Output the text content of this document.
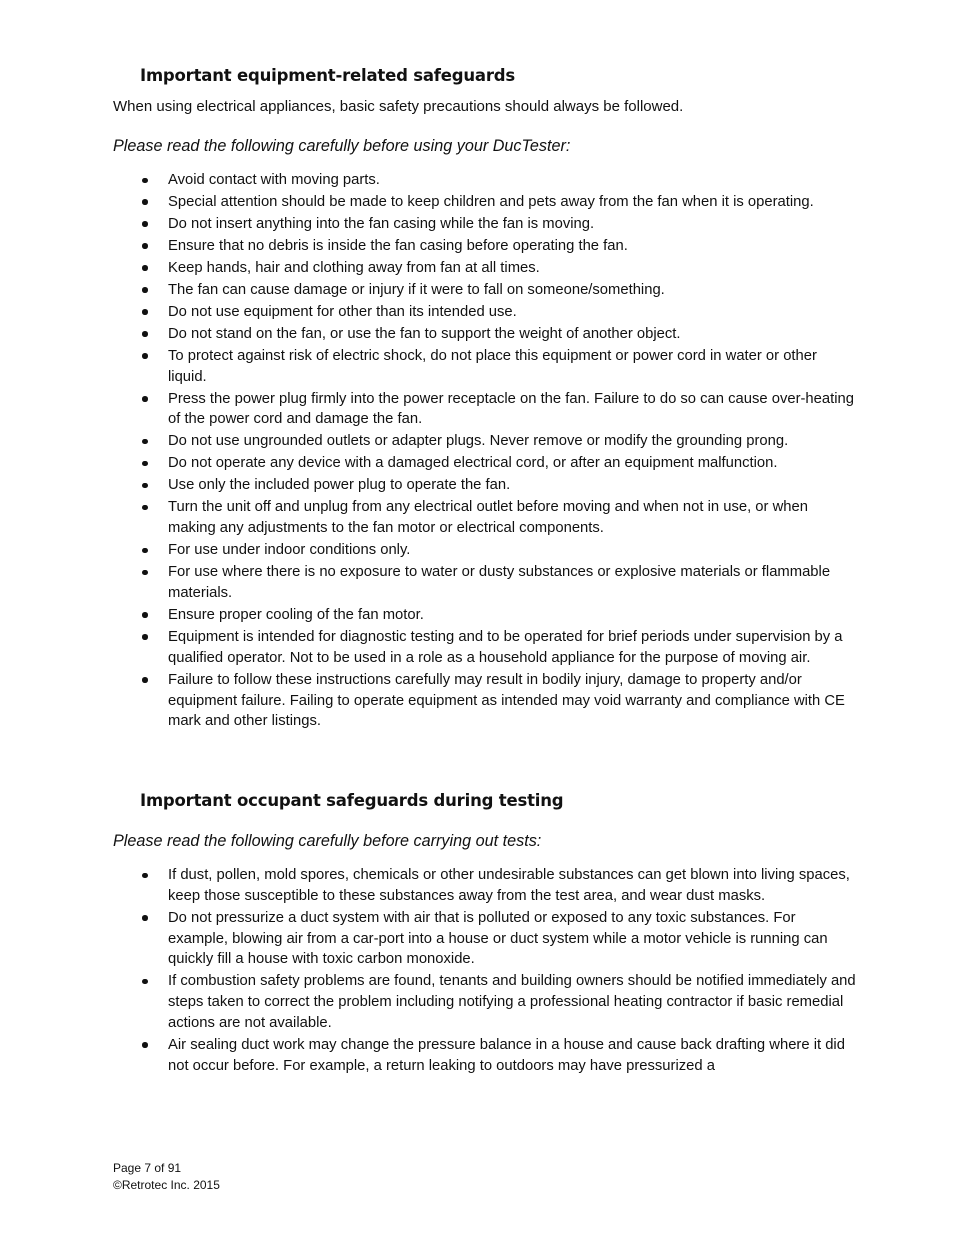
Important equipment-related safeguards

When using electrical appliances, basic safety precautions should always be followed.

Please read the following carefully before using your DucTester:

Avoid contact with moving parts.
Special attention should be made to keep children and pets away from the fan when it is operating.
Do not insert anything into the fan casing while the fan is moving.
Ensure that no debris is inside the fan casing before operating the fan.
Keep hands, hair and clothing away from fan at all times.
The fan can cause damage or injury if it were to fall on someone/something.
Do not use equipment for other than its intended use.
Do not stand on the fan, or use the fan to support the weight of another object.
To protect against risk of electric shock, do not place this equipment or power cord in water or other liquid.
Press the power plug firmly into the power receptacle on the fan. Failure to do so can cause over-heating of the power cord and damage the fan.
Do not use ungrounded outlets or adapter plugs. Never remove or modify the grounding prong.
Do not operate any device with a damaged electrical cord, or after an equipment malfunction.
Use only the included power plug to operate the fan.
Turn the unit off and unplug from any electrical outlet before moving and when not in use, or when making any adjustments to the fan motor or electrical components.
For use under indoor conditions only.
For use where there is no exposure to water or dusty substances or explosive materials or flammable materials.
Ensure proper cooling of the fan motor.
Equipment is intended for diagnostic testing and to be operated for brief periods under supervision by a qualified operator. Not to be used in a role as a household appliance for the purpose of moving air.
Failure to follow these instructions carefully may result in bodily injury, damage to property and/or equipment failure. Failing to operate equipment as intended may void warranty and compliance with CE mark and other listings.
Important occupant safeguards during testing

Please read the following carefully before carrying out tests:

If dust, pollen, mold spores, chemicals or other undesirable substances can get blown into living spaces, keep those susceptible to these substances away from the test area, and wear dust masks.
Do not pressurize a duct system with air that is polluted or exposed to any toxic substances. For example, blowing air from a car-port into a house or duct system while a motor vehicle is running can quickly fill a house with toxic carbon monoxide.
If combustion safety problems are found, tenants and building owners should be notified immediately and steps taken to correct the problem including notifying a professional heating contractor if basic remedial actions are not available.
Air sealing duct work may change the pressure balance in a house and cause back drafting where it did not occur before. For example, a return leaking to outdoors may have pressurized a
Page 7 of 91
©Retrotec Inc. 2015
